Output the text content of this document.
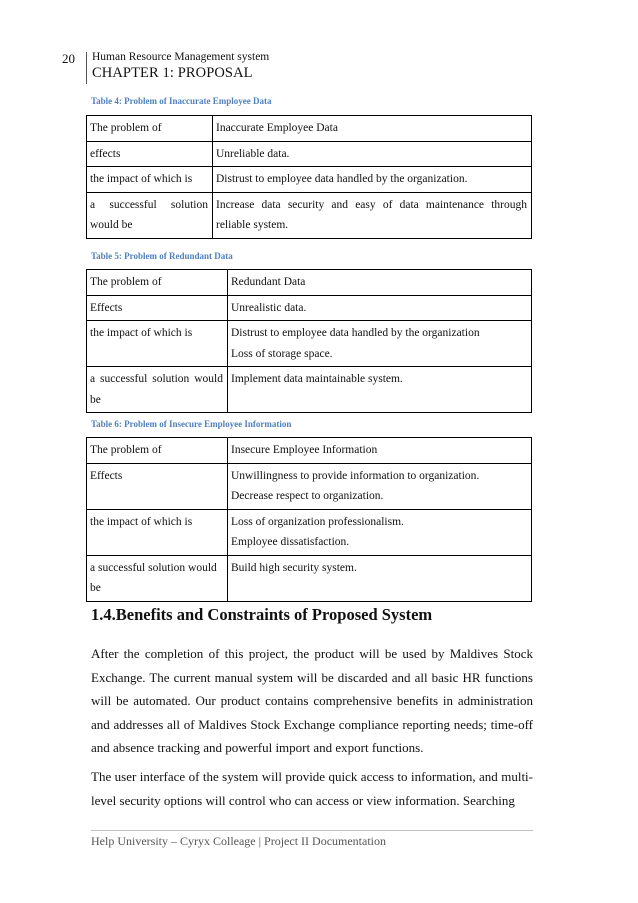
20 Human Resource Management system
CHAPTER 1: PROPOSAL
Table 4: Problem of Inaccurate Employee Data
The problem of	Inaccurate Employee Data

effects	Unreliable data.

the impact of which is	Distrust to employee data handled by the organization.

a successful solution would be	Increase data security and easy of data maintenance through reliable system.
Table 5: Problem of Redundant Data
The problem of	Redundant Data

Effects	Unrealistic data.

the impact of which is	Distrust to employee data handled by the organization
Loss of storage space.

a successful solution would be	Implement data maintainable system.
Table 6: Problem of Insecure Employee Information
The problem of	Insecure Employee Information

Effects	Unwillingness to provide information to organization.
Decrease respect to organization.

the impact of which is	Loss of organization professionalism.
Employee dissatisfaction.

a successful solution would be	Build high security system.
1.4.Benefits and Constraints of Proposed System

After the completion of this project, the product will be used by Maldives Stock Exchange. The current manual system will be discarded and all basic HR functions will be automated. Our product contains comprehensive benefits in administration and addresses all of Maldives Stock Exchange compliance reporting needs; time-off and absence tracking and powerful import and export functions.

The user interface of the system will provide quick access to information, and multi-level security options will control who can access or view information. Searching

Help University – Cyryx Colleage | Project II Documentation
